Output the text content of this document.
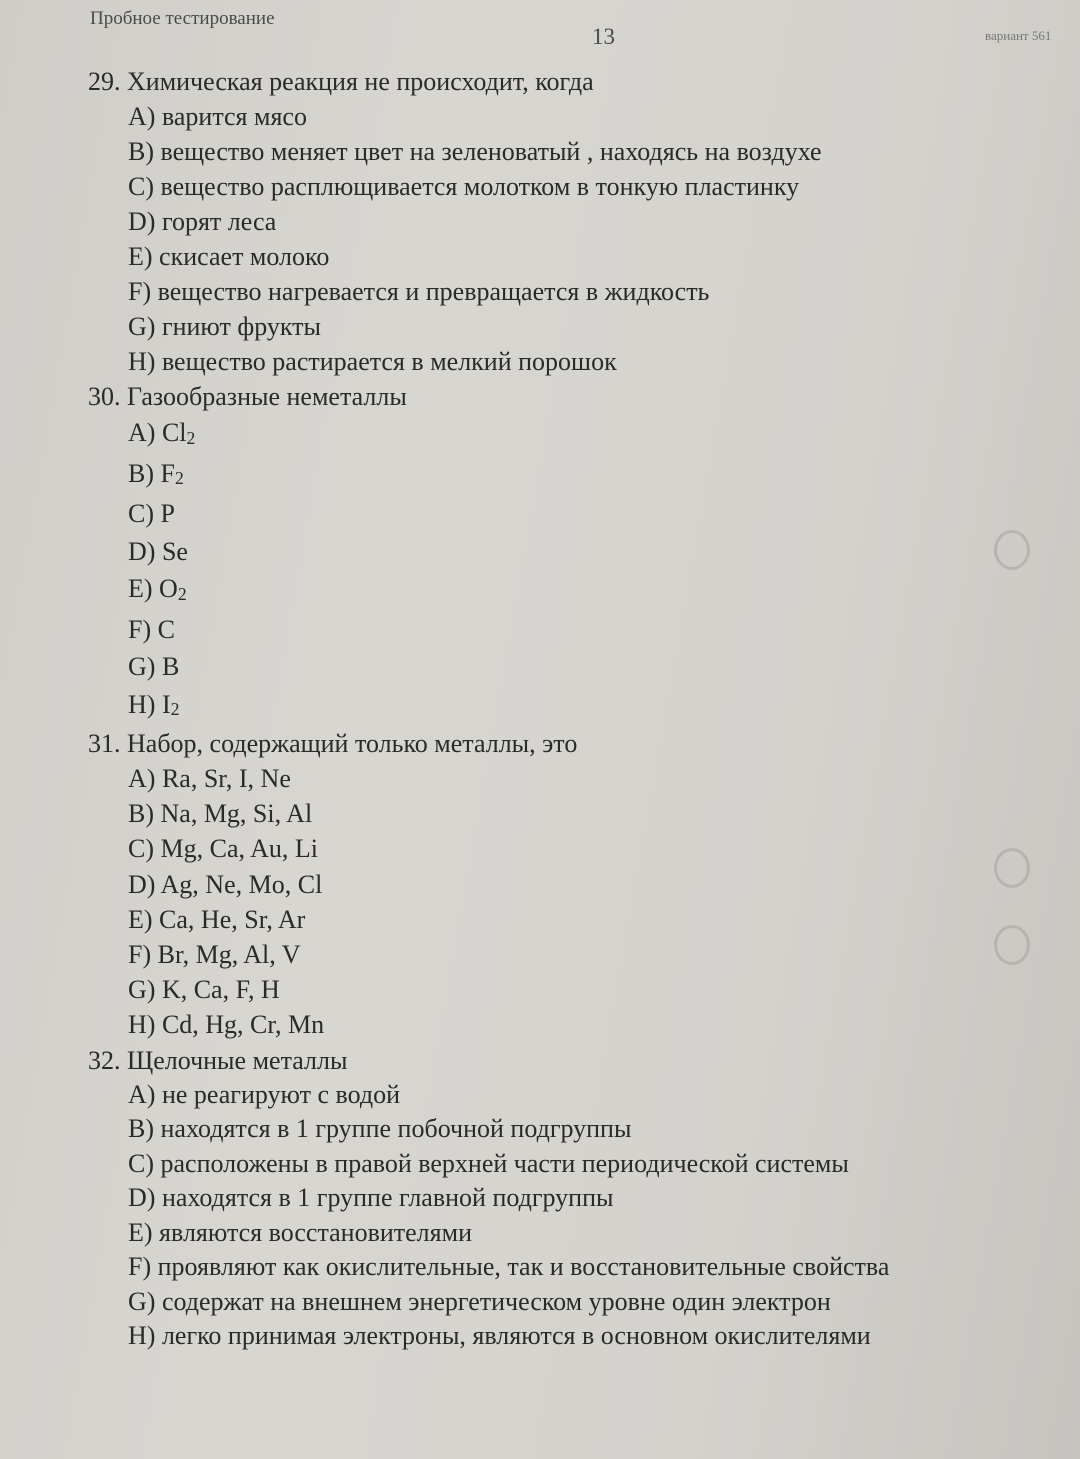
Пробное тестирование
13	вариант 561
29. Химическая реакция не происходит, когда
A) варится мясо
B) вещество меняет цвет на зеленоватый , находясь на воздухе
C) вещество расплющивается молотком в тонкую пластинку
D) горят леса
E) скисает молоко
F) вещество нагревается и превращается в жидкость
G) гниют фрукты
H) вещество растирается в мелкий порошок
30. Газообразные неметаллы
A) $Cl_2$
B) $F_2$
C) P
D) Se
E) $O_2$
F) C
G) B
H) $I_2$
31. Набор, содержащий только металлы, это
A) Ra, Sr, I, Ne
B) Na, Mg, Si, Al
C) Mg, Ca, Au, Li
D) Ag, Ne, Mo, Cl
E) Ca, He, Sr, Ar
F) Br, Mg, Al, V
G) K, Ca, F, H
H) Cd, Hg, Cr, Mn
32. Щелочные металлы
A) не реагируют с водой
B) находятся в 1 группе побочной подгруппы
C) расположены в правой верхней части периодической системы
D) находятся в 1 группе главной подгруппы
E) являются восстановителями
F) проявляют как окислительные, так и восстановительные свойства
G) содержат на внешнем энергетическом уровне один электрон
H) легко принимая электроны, являются в основном окислителями
